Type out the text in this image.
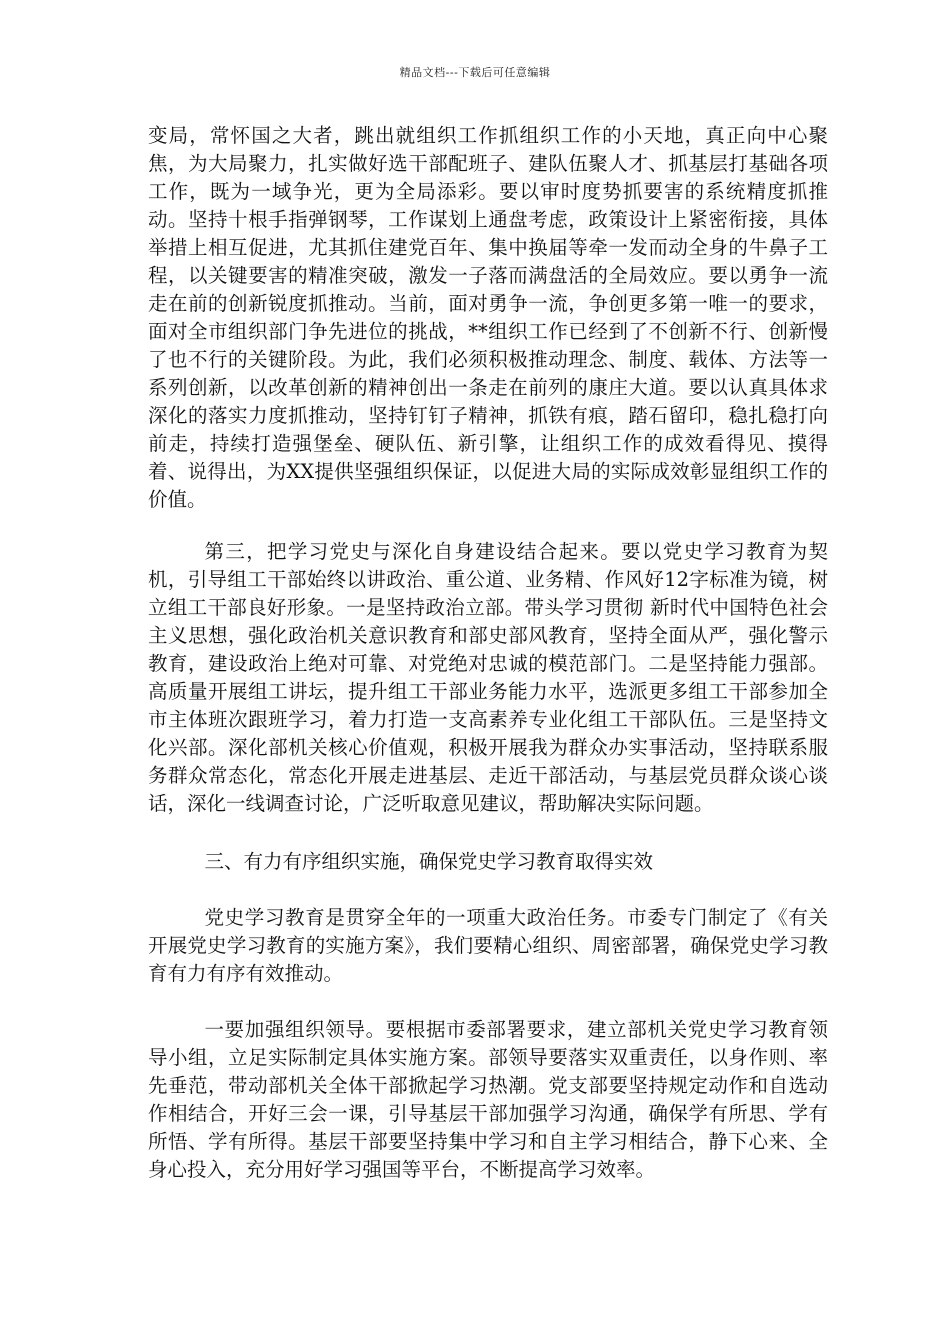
精品文档---下载后可任意编辑

变局，常怀国之大者，跳出就组织工作抓组织工作的小天地，真正向中心聚焦，为大局聚力，扎实做好选干部配班子、建队伍聚人才、抓基层打基础各项工作，既为一域争光，更为全局添彩。要以审时度势抓要害的系统精度抓推动。坚持十根手指弹钢琴，工作谋划上通盘考虑，政策设计上紧密衔接，具体举措上相互促进，尤其抓住建党百年、集中换届等牵一发而动全身的牛鼻子工程，以关键要害的精准突破，激发一子落而满盘活的全局效应。要以勇争一流走在前的创新锐度抓推动。当前，面对勇争一流，争创更多第一唯一的要求，面对全市组织部门争先进位的挑战，**组织工作已经到了不创新不行、创新慢了也不行的关键阶段。为此，我们必须积极推动理念、制度、载体、方法等一系列创新，以改革创新的精神创出一条走在前列的康庄大道。要以认真具体求深化的落实力度抓推动，坚持钉钉子精神，抓铁有痕，踏石留印，稳扎稳打向前走，持续打造强堡垒、硬队伍、新引擎，让组织工作的成效看得见、摸得着、说得出，为XX提供坚强组织保证，以促进大局的实际成效彰显组织工作的价值。

第三，把学习党史与深化自身建设结合起来。要以党史学习教育为契机，引导组工干部始终以讲政治、重公道、业务精、作风好12字标准为镜，树立组工干部良好形象。一是坚持政治立部。带头学习贯彻 新时代中国特色社会主义思想，强化政治机关意识教育和部史部风教育，坚持全面从严，强化警示教育，建设政治上绝对可靠、对党绝对忠诚的模范部门。二是坚持能力强部。高质量开展组工讲坛，提升组工干部业务能力水平，选派更多组工干部参加全市主体班次跟班学习，着力打造一支高素养专业化组工干部队伍。三是坚持文化兴部。深化部机关核心价值观，积极开展我为群众办实事活动，坚持联系服务群众常态化，常态化开展走进基层、走近干部活动，与基层党员群众谈心谈话，深化一线调查讨论，广泛听取意见建议，帮助解决实际问题。

三、有力有序组织实施，确保党史学习教育取得实效

党史学习教育是贯穿全年的一项重大政治任务。市委专门制定了《有关开展党史学习教育的实施方案》，我们要精心组织、周密部署，确保党史学习教育有力有序有效推动。

一要加强组织领导。要根据市委部署要求，建立部机关党史学习教育领导小组，立足实际制定具体实施方案。部领导要落实双重责任，以身作则、率先垂范，带动部机关全体干部掀起学习热潮。党支部要坚持规定动作和自选动作相结合，开好三会一课，引导基层干部加强学习沟通，确保学有所思、学有所悟、学有所得。基层干部要坚持集中学习和自主学习相结合，静下心来、全身心投入，充分用好学习强国等平台，不断提高学习效率。
